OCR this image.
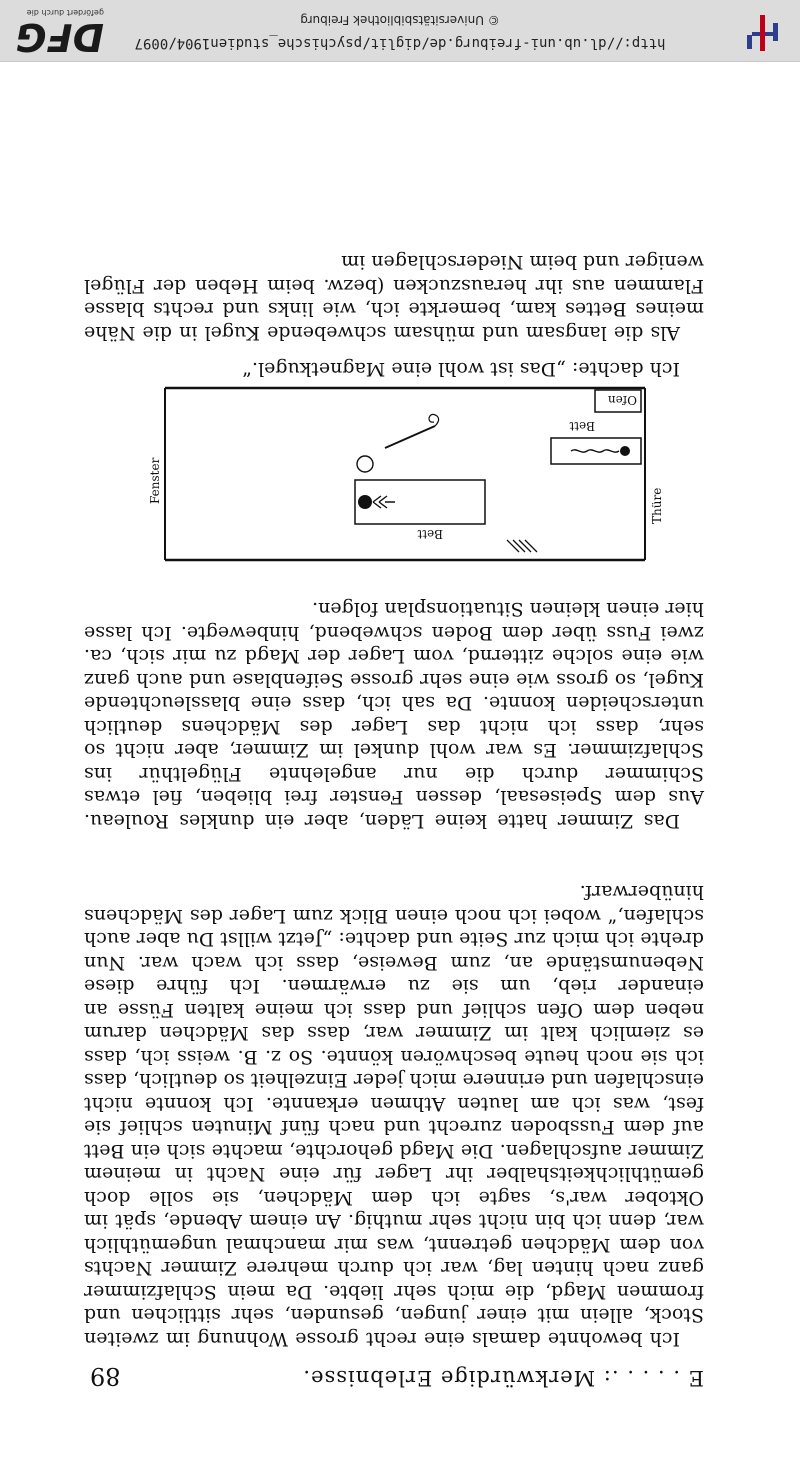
http://dl.ub.uni-freiburg.de/diglit/psychische_studien1904/0097
© Universitätsbibliothek Freiburg
DFG
gefördert durch die
E . . . . .: Merkwürdige Erlebnisse.
89

Ich bewohnte damals eine recht grosse Wohnung im zweiten Stock, allein mit einer jungen, gesunden, sehr sittlichen und frommen Magd, die mich sehr liebte. Da mein Schlafzimmer ganz nach hinten lag, war ich durch mehrere Zimmer Nachts von dem Mädchen getrennt, was mir manchmal ungemüthlich war, denn ich bin nicht sehr muthig. An einem Abende, spät im Oktober war's, sagte ich dem Mädchen, sie solle doch gemüthlichkeitshalber ihr Lager für eine Nacht in meinem Zimmer aufschlagen. Die Magd gehorchte, machte sich ein Bett auf dem Fussboden zurecht und nach fünf Minuten schlief sie fest, was ich am lauten Athmen erkannte. Ich konnte nicht einschlafen und erinnere mich jeder Einzelheit so deutlich, dass ich sie noch heute beschwören könnte. So z. B. weiss ich, dass es ziemlich kalt im Zimmer war, dass das Mädchen darum neben dem Ofen schlief und dass ich meine kalten Füsse an einander rieb, um sie zu erwärmen. Ich führe diese Nebenumstände an, zum Beweise, dass ich wach war. Nun drehte ich mich zur Seite und dachte: „Jetzt willst Du aber auch schlafen,“ wobei ich noch einen Blick zum Lager des Mädchens hinüberwarf.

Das Zimmer hatte keine Läden, aber ein dunkles Rouleau. Aus dem Speisesaal, dessen Fenster frei blieben, fiel etwas Schimmer durch die nur angelehnte Flügelthür ins Schlafzimmer. Es war wohl dunkel im Zimmer, aber nicht so sehr, dass ich nicht das Lager des Mädchens deutlich unterscheiden konnte. Da sah ich, dass eine blassleuchtende Kugel, so gross wie eine sehr grosse Seifenblase und auch ganz wie eine solche zitternd, vom Lager der Magd zu mir sich, ca. zwei Fuss über dem Boden schwebend, hinbewegte. Ich lasse hier einen kleinen Situationsplan folgen.

Ofen
Bett
Bett
Fenster
Thüre

Ich dachte: „Das ist wohl eine Magnetkugel.“

Als die langsam und mühsam schwebende Kugel in die Nähe meines Bettes kam, bemerkte ich, wie links und rechts blasse Flammen aus ihr herauszucken (bezw. beim Heben der Flügel weniger und beim Niederschlagen im
